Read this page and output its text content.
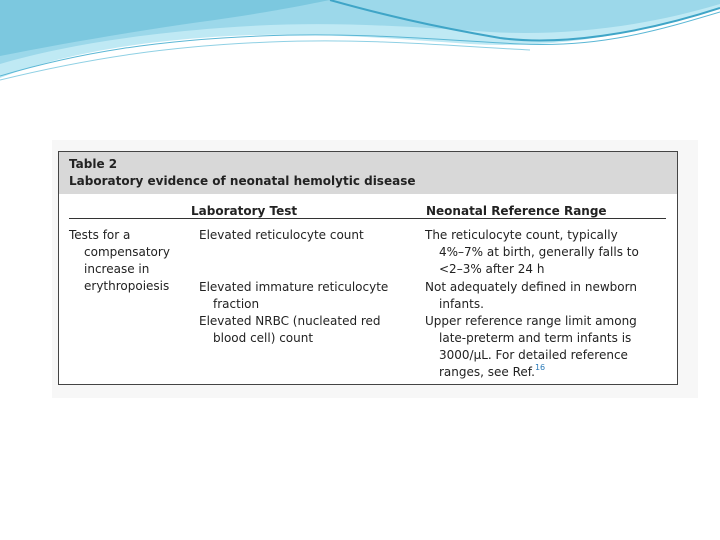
Table 2
Laboratory evidence of neonatal hemolytic disease
Laboratory Test	Neonatal Reference Range
Tests for a
compensatory
increase in
erythropoiesis
Elevated reticulocyte count
Elevated immature reticulocyte
fraction
Elevated NRBC (nucleated red
blood cell) count
The reticulocyte count, typically
4%–7% at birth, generally falls to
<2–3% after 24 h
Not adequately defined in newborn
infants.
Upper reference range limit among
late-preterm and term infants is
3000/μL. For detailed reference
ranges, see Ref.$^{16}$
